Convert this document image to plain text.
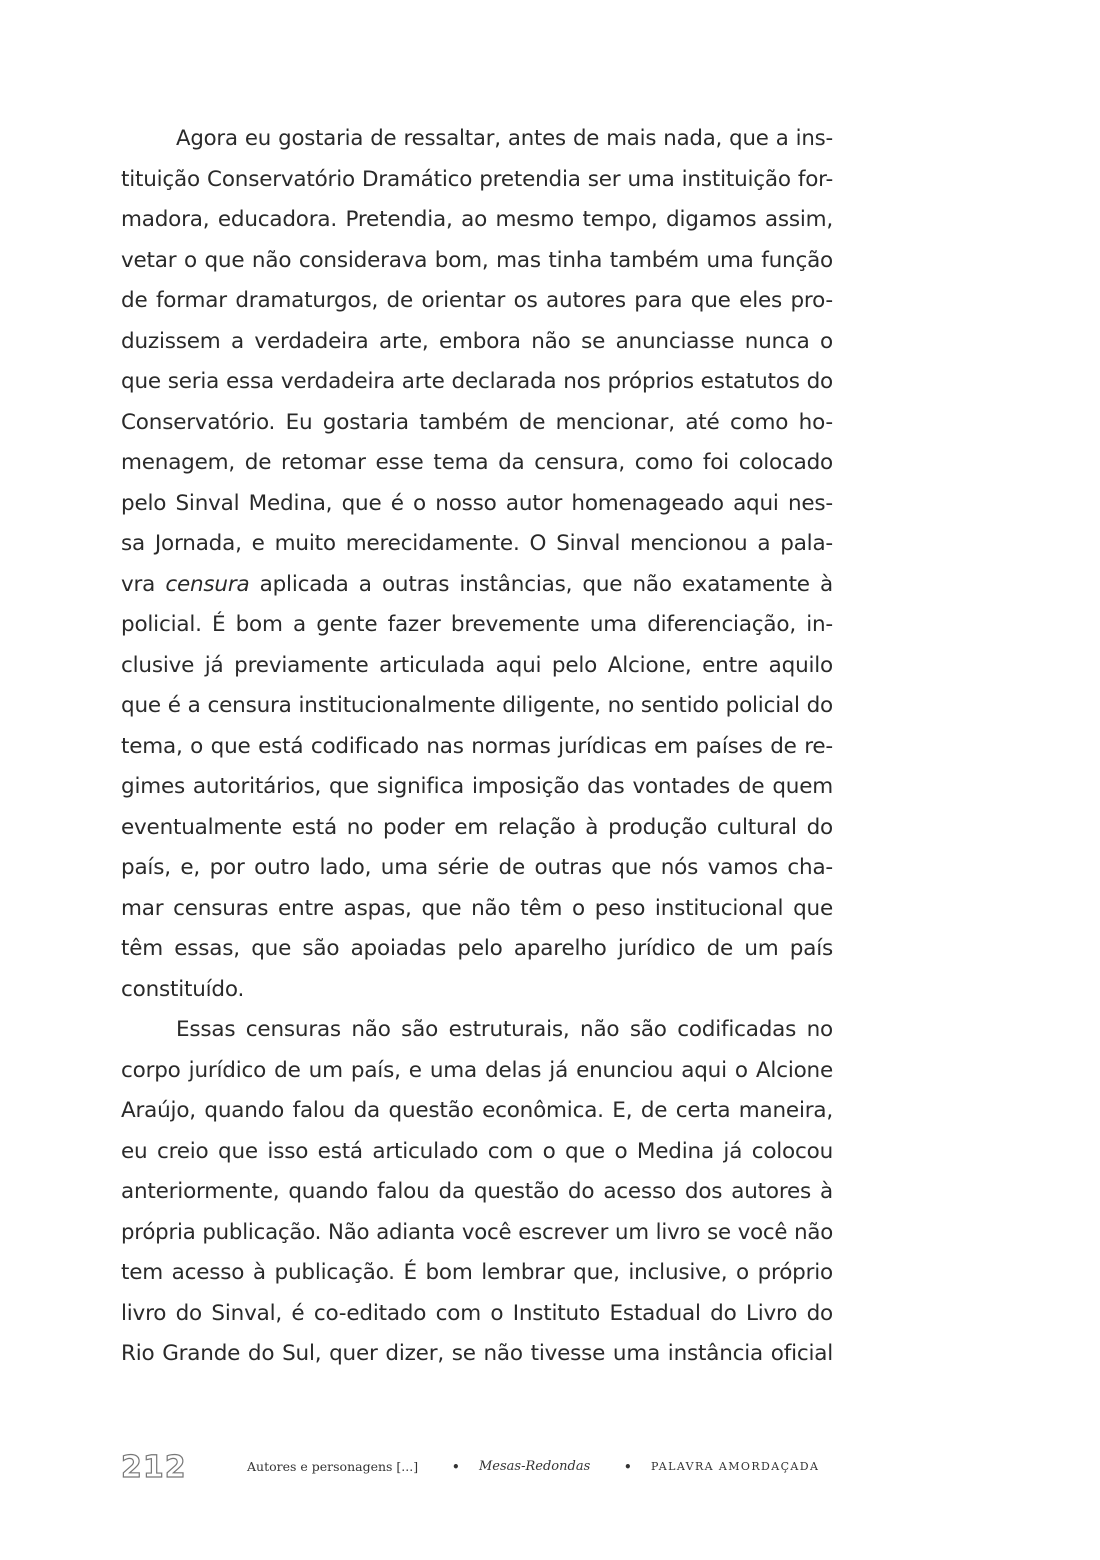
Agora eu gostaria de ressaltar, antes de mais nada, que a ins-
tituição Conservatório Dramático pretendia ser uma instituição for-
madora, educadora. Pretendia, ao mesmo tempo, digamos assim,
vetar o que não considerava bom, mas tinha também uma função
de formar dramaturgos, de orientar os autores para que eles pro-
duzissem a verdadeira arte, embora não se anunciasse nunca o
que seria essa verdadeira arte declarada nos próprios estatutos do
Conservatório. Eu gostaria também de mencionar, até como ho-
menagem, de retomar esse tema da censura, como foi colocado
pelo Sinval Medina, que é o nosso autor homenageado aqui nes-
sa Jornada, e muito merecidamente. O Sinval mencionou a pala-
vra censura aplicada a outras instâncias, que não exatamente à
policial. É bom a gente fazer brevemente uma diferenciação, in-
clusive já previamente articulada aqui pelo Alcione, entre aquilo
que é a censura institucionalmente diligente, no sentido policial do
tema, o que está codificado nas normas jurídicas em países de re-
gimes autoritários, que significa imposição das vontades de quem
eventualmente está no poder em relação à produção cultural do
país, e, por outro lado, uma série de outras que nós vamos cha-
mar censuras entre aspas, que não têm o peso institucional que
têm essas, que são apoiadas pelo aparelho jurídico de um país
constituído.
Essas censuras não são estruturais, não são codificadas no
corpo jurídico de um país, e uma delas já enunciou aqui o Alcione
Araújo, quando falou da questão econômica. E, de certa maneira,
eu creio que isso está articulado com o que o Medina já colocou
anteriormente, quando falou da questão do acesso dos autores à
própria publicação. Não adianta você escrever um livro se você não
tem acesso à publicação. É bom lembrar que, inclusive, o próprio
livro do Sinval, é co-editado com o Instituto Estadual do Livro do
Rio Grande do Sul, quer dizer, se não tivesse uma instância oficial
212	Autores e personagens [...]	• Mesas-Redondas	• PALAVRA AMORDAÇADA
